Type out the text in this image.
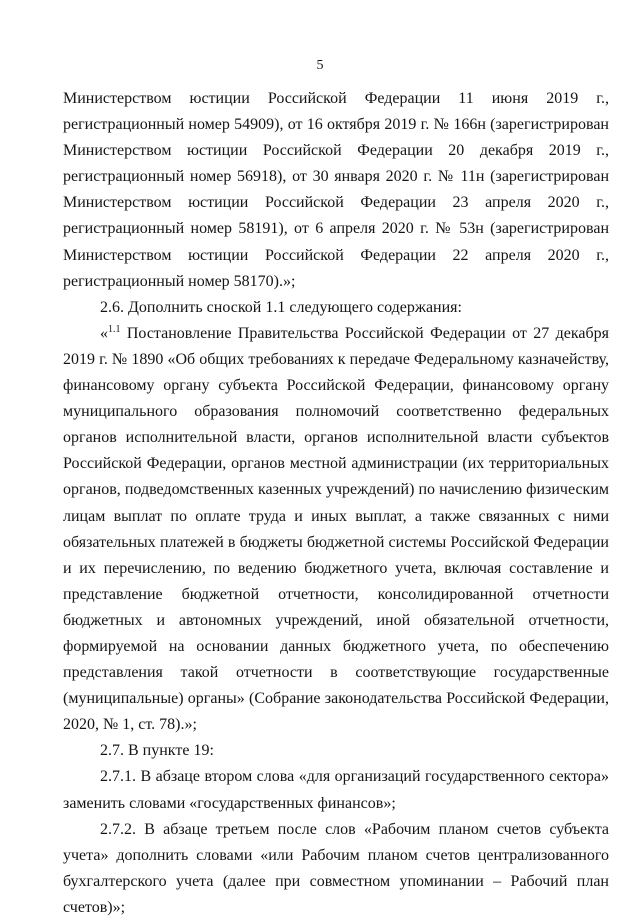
5

Министерством юстиции Российской Федерации 11 июня 2019 г., регистрационный номер 54909), от 16 октября 2019 г. № 166н (зарегистрирован Министерством юстиции Российской Федерации 20 декабря 2019 г., регистрационный номер 56918), от 30 января 2020 г. № 11н (зарегистрирован Министерством юстиции Российской Федерации 23 апреля 2020 г., регистрационный номер 58191), от 6 апреля 2020 г. № 53н (зарегистрирован Министерством юстиции Российской Федерации 22 апреля 2020 г., регистрационный номер 58170).»;

2.6. Дополнить сноской 1.1 следующего содержания:

«$^{1.1}$ Постановление Правительства Российской Федерации от 27 декабря 2019 г. № 1890 «Об общих требованиях к передаче Федеральному казначейству, финансовому органу субъекта Российской Федерации, финансовому органу муниципального образования полномочий соответственно федеральных органов исполнительной власти, органов исполнительной власти субъектов Российской Федерации, органов местной администрации (их территориальных органов, подведомственных казенных учреждений) по начислению физическим лицам выплат по оплате труда и иных выплат, а также связанных с ними обязательных платежей в бюджеты бюджетной системы Российской Федерации и их перечислению, по ведению бюджетного учета, включая составление и представление бюджетной отчетности, консолидированной отчетности бюджетных и автономных учреждений, иной обязательной отчетности, формируемой на основании данных бюджетного учета, по обеспечению представления такой отчетности в соответствующие государственные (муниципальные) органы» (Собрание законодательства Российской Федерации, 2020, № 1, ст. 78).»;

2.7. В пункте 19:

2.7.1. В абзаце втором слова «для организаций государственного сектора» заменить словами «государственных финансов»;

2.7.2. В абзаце третьем после слов «Рабочим планом счетов субъекта учета» дополнить словами «или Рабочим планом счетов централизованного бухгалтерского учета (далее при совместном упоминании – Рабочий план счетов)»;
